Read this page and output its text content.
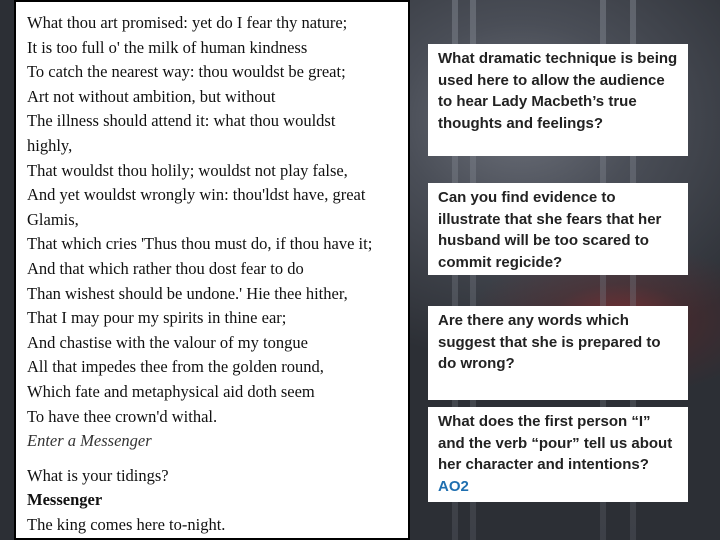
What thou art promised: yet do I fear thy nature;
It is too full o' the milk of human kindness
To catch the nearest way: thou wouldst be great;
Art not without ambition, but without
The illness should attend it: what thou wouldst
highly,
That wouldst thou holily; wouldst not play false,
And yet wouldst wrongly win: thou'ldst have, great
Glamis,
That which cries 'Thus thou must do, if thou have it;
And that which rather thou dost fear to do
Than wishest should be undone.' Hie thee hither,
That I may pour my spirits in thine ear;
And chastise with the valour of my tongue
All that impedes thee from the golden round,
Which fate and metaphysical aid doth seem
To have thee crown'd withal.
Enter a Messenger
What is your tidings?
Messenger
The king comes here to-night.
What dramatic technique is being used here to allow the audience to hear Lady Macbeth’s true thoughts and feelings?
Can you find evidence to illustrate that she fears that her husband will be too scared to commit regicide?
Are there any words which suggest that she is prepared to do wrong?
What does the first person “I” and the verb “pour” tell us about her character and intentions? AO2
